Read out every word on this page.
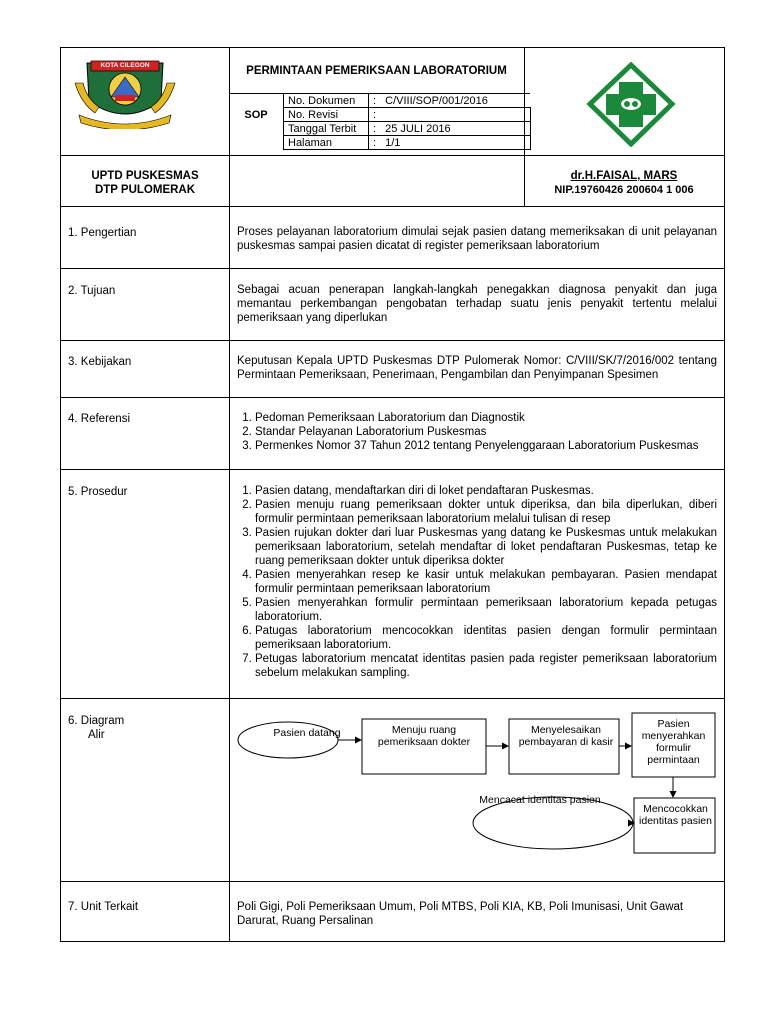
KOTA CILEGON	PERMINTAAN PEMERIKSAAN LABORATORIUM
SOP
No. Dokumen	: C/VIII/SOP/001/2016
No. Revisi	:
Tanggal Terbit	: 25 JULI 2016
Halaman	: 1/1
UPTD PUSKESMAS
DTP PULOMERAK
dr.H.FAISAL, MARS
NIP.19760426 200604 1 006
1. Pengertian	Proses pelayanan laboratorium dimulai sejak pasien datang memeriksakan di unit pelayanan puskesmas sampai pasien dicatat di register pemeriksaan laboratorium
2. Tujuan	Sebagai acuan penerapan langkah-langkah penegakkan diagnosa penyakit dan juga memantau perkembangan pengobatan terhadap suatu jenis penyakit tertentu melalui pemeriksaan yang diperlukan
3. Kebijakan	Keputusan Kepala UPTD Puskesmas DTP Pulomerak Nomor: C/VIII/SK/7/2016/002 tentang Permintaan Pemeriksaan, Penerimaan, Pengambilan dan Penyimpanan Spesimen
4. Referensi	1. Pedoman Pemeriksaan Laboratorium dan Diagnostik
2. Standar Pelayanan Laboratorium Puskesmas
3. Permenkes Nomor 37 Tahun 2012 tentang Penyelenggaraan Laboratorium Puskesmas
5. Prosedur	1. Pasien datang, mendaftarkan diri di loket pendaftaran Puskesmas.
2. Pasien menuju ruang pemeriksaan dokter untuk diperiksa, dan bila diperlukan, diberi formulir permintaan pemeriksaan laboratorium melalui tulisan di resep
3. Pasien rujukan dokter dari luar Puskesmas yang datang ke Puskesmas untuk melakukan pemeriksaan laboratorium, setelah mendaftar di loket pendaftaran Puskesmas, tetap ke ruang pemeriksaan dokter untuk diperiksa dokter
4. Pasien menyerahkan resep ke kasir untuk melakukan pembayaran. Pasien mendapat formulir permintaan pemeriksaan laboratorium
5. Pasien menyerahkan formulir permintaan pemeriksaan laboratorium kepada petugas laboratorium.
6. Patugas laboratorium mencocokkan identitas pasien dengan formulir permintaan pemeriksaan laboratorium.
7. Petugas laboratorium mencatat identitas pasien pada register pemeriksaan laboratorium sebelum melakukan sampling.
6. Diagram
Alir	Pasien datang	Menuju ruang pemeriksaan dokter
Menyelesaikan pembayaran di kasir
Pasien menyerahkan formulir permintaan
Mencocokkan identitas pasien
Mencacat identitas pasien
7. Unit Terkait	Poli Gigi, Poli Pemeriksaan Umum, Poli MTBS, Poli KIA, KB, Poli Imunisasi, Unit Gawat Darurat, Ruang Persalinan
